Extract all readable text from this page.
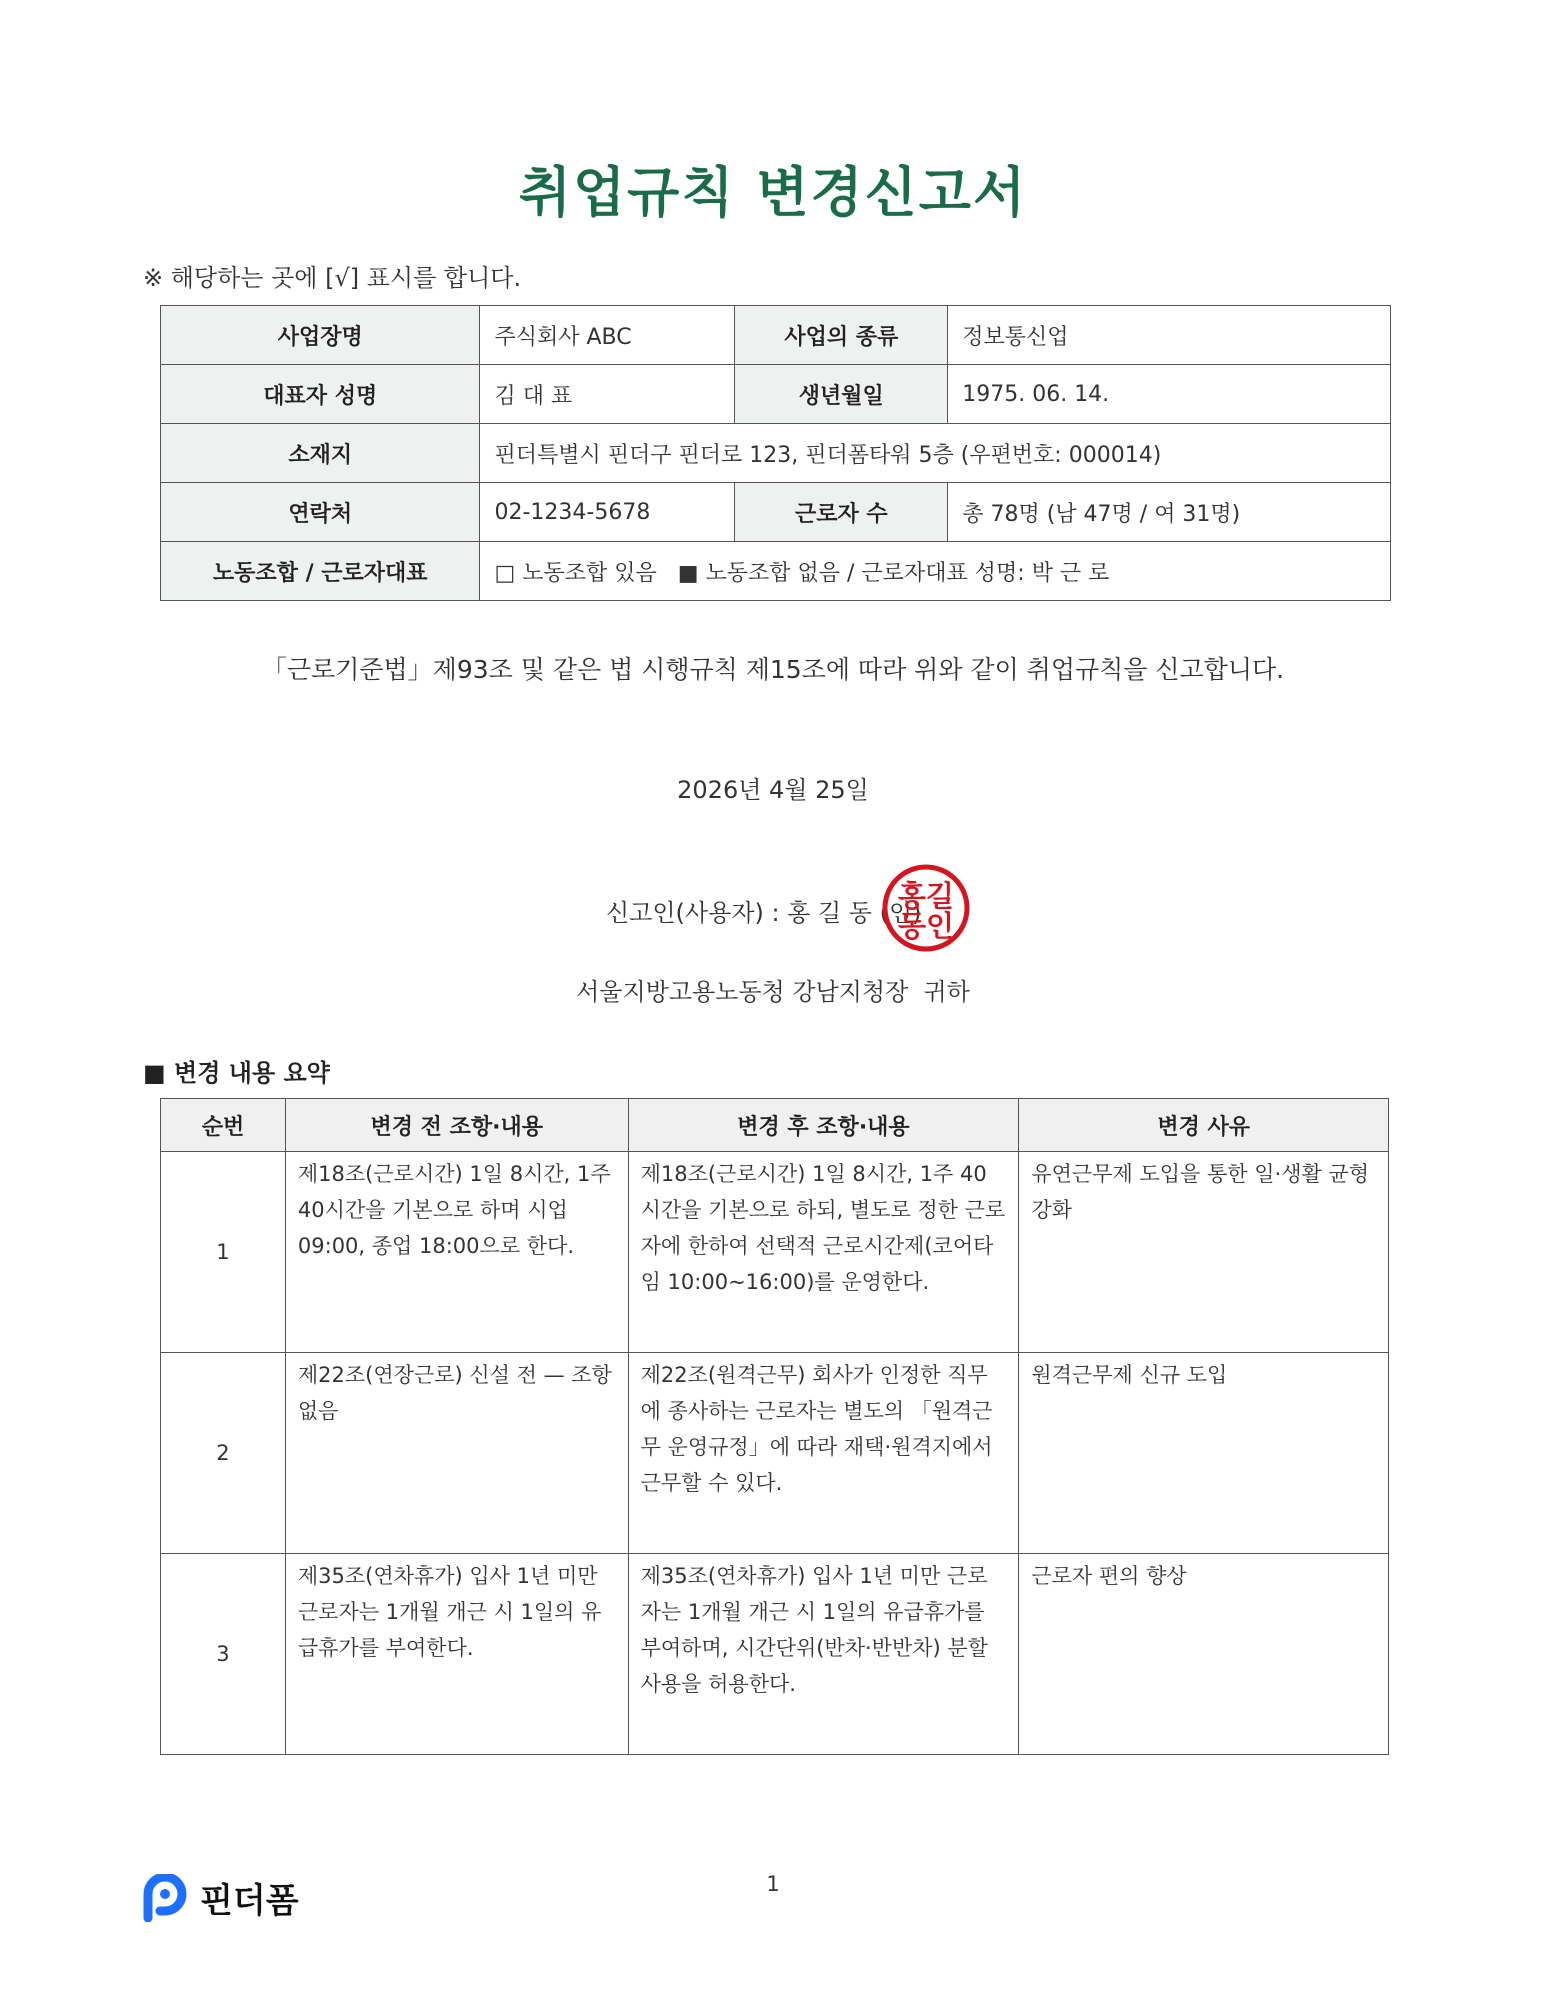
취업규칙 변경신고서
※ 해당하는 곳에 [√] 표시를 합니다.
사업장명	주식회사 ABC	사업의 종류	정보통신업
대표자 성명	김 대 표	생년월일	1975. 06. 14.
소재지	핀더특별시 핀더구 핀더로 123, 핀더폼타워 5층 (우편번호: 000014)		
연락처	02-1234-5678	근로자 수	총 78명 (남 47명 / 여 31명)
노동조합 / 근로자대표	□ 노동조합 있음   ■ 노동조합 없음 / 근로자대표 성명: 박 근 로		
「근로기준법」제93조 및 같은 법 시행규칙 제15조에 따라 위와 같이 취업규칙을 신고합니다.
2026년 4월 25일
신고인(사용자) : 홍 길 동 (인)
홍길
동인
서울지방고용노동청 강남지청장  귀하
■ 변경 내용 요약
순번	변경 전 조항·내용	변경 후 조항·내용	변경 사유
1	제18조(근로시간) 1일 8시간, 1주 40시간을 기본으로 하며 시업 09:00, 종업 18:00으로 한다.	제18조(근로시간) 1일 8시간, 1주 40시간을 기본으로 하되, 별도로 정한 근로자에 한하여 선택적 근로시간제(코어타임 10:00~16:00)를 운영한다.	유연근무제 도입을 통한 일·생활 균형 강화
2	제22조(연장근로) 신설 전 — 조항 없음	제22조(원격근무) 회사가 인정한 직무에 종사하는 근로자는 별도의 「원격근무 운영규정」에 따라 재택·원격지에서 근무할 수 있다.	원격근무제 신규 도입
3	제35조(연차휴가) 입사 1년 미만 근로자는 1개월 개근 시 1일의 유급휴가를 부여한다.	제35조(연차휴가) 입사 1년 미만 근로자는 1개월 개근 시 1일의 유급휴가를 부여하며, 시간단위(반차·반반차) 분할 사용을 허용한다.	근로자 편의 향상
1
핀더폼
